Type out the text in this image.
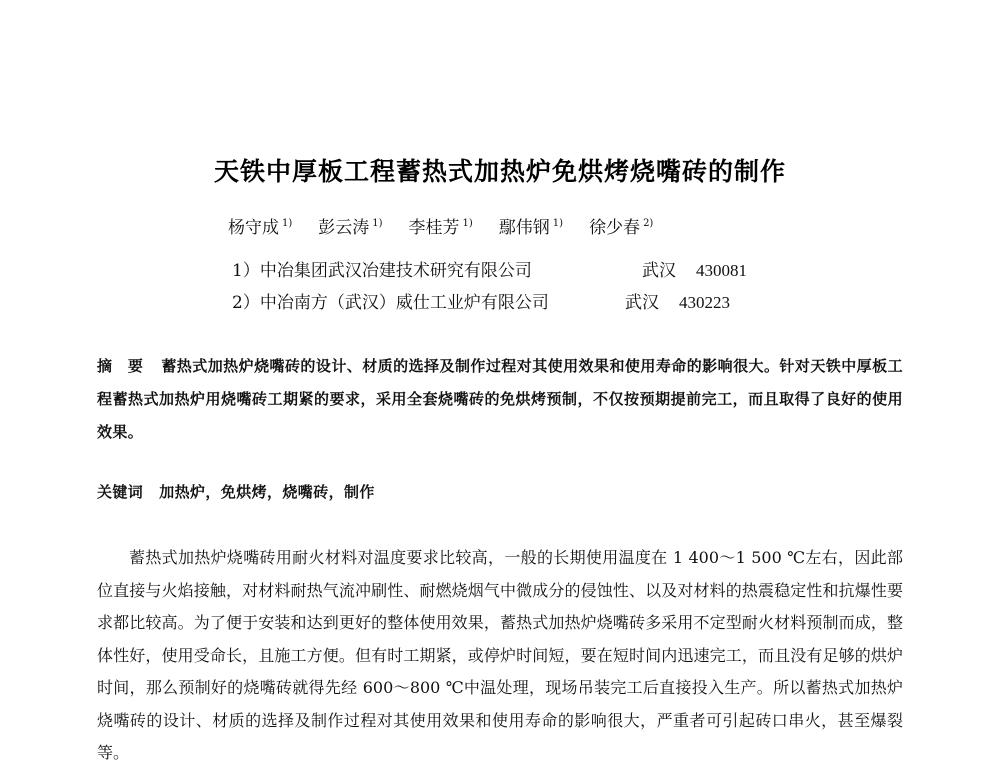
天铁中厚板工程蓄热式加热炉免烘烤烧嘴砖的制作
杨守成 $^{1)}$ 彭云涛 $^{1)}$ 李桂芳 $^{1)}$ 鄢伟钢 $^{1)}$ 徐少春 $^{2)}$
1）中冶集团武汉冶建技术研究有限公司	武汉 430081
2）中冶南方（武汉）威仕工业炉有限公司	武汉 430223
摘　要 蓄热式加热炉烧嘴砖的设计、材质的选择及制作过程对其使用效果和使用寿命的影响很大。针对天铁中厚板工程蓄热式加热炉用烧嘴砖工期紧的要求，采用全套烧嘴砖的免烘烤预制，不仅按预期提前完工，而且取得了良好的使用效果。
关键词 加热炉，免烘烤，烧嘴砖，制作

蓄热式加热炉烧嘴砖用耐火材料对温度要求比较高，一般的长期使用温度在 1 400～1 500 ℃左右，因此部位直接与火焰接触，对材料耐热气流冲刷性、耐燃烧烟气中微成分的侵蚀性、以及对材料的热震稳定性和抗爆性要求都比较高。为了便于安装和达到更好的整体使用效果，蓄热式加热炉烧嘴砖多采用不定型耐火材料预制而成，整体性好，使用受命长，且施工方便。但有时工期紧，或停炉时间短，要在短时间内迅速完工，而且没有足够的烘炉时间，那么预制好的烧嘴砖就得先经 600～800 ℃中温处理，现场吊装完工后直接投入生产。所以蓄热式加热炉烧嘴砖的设计、材质的选择及制作过程对其使用效果和使用寿命的影响很大，严重者可引起砖口串火，甚至爆裂等。
